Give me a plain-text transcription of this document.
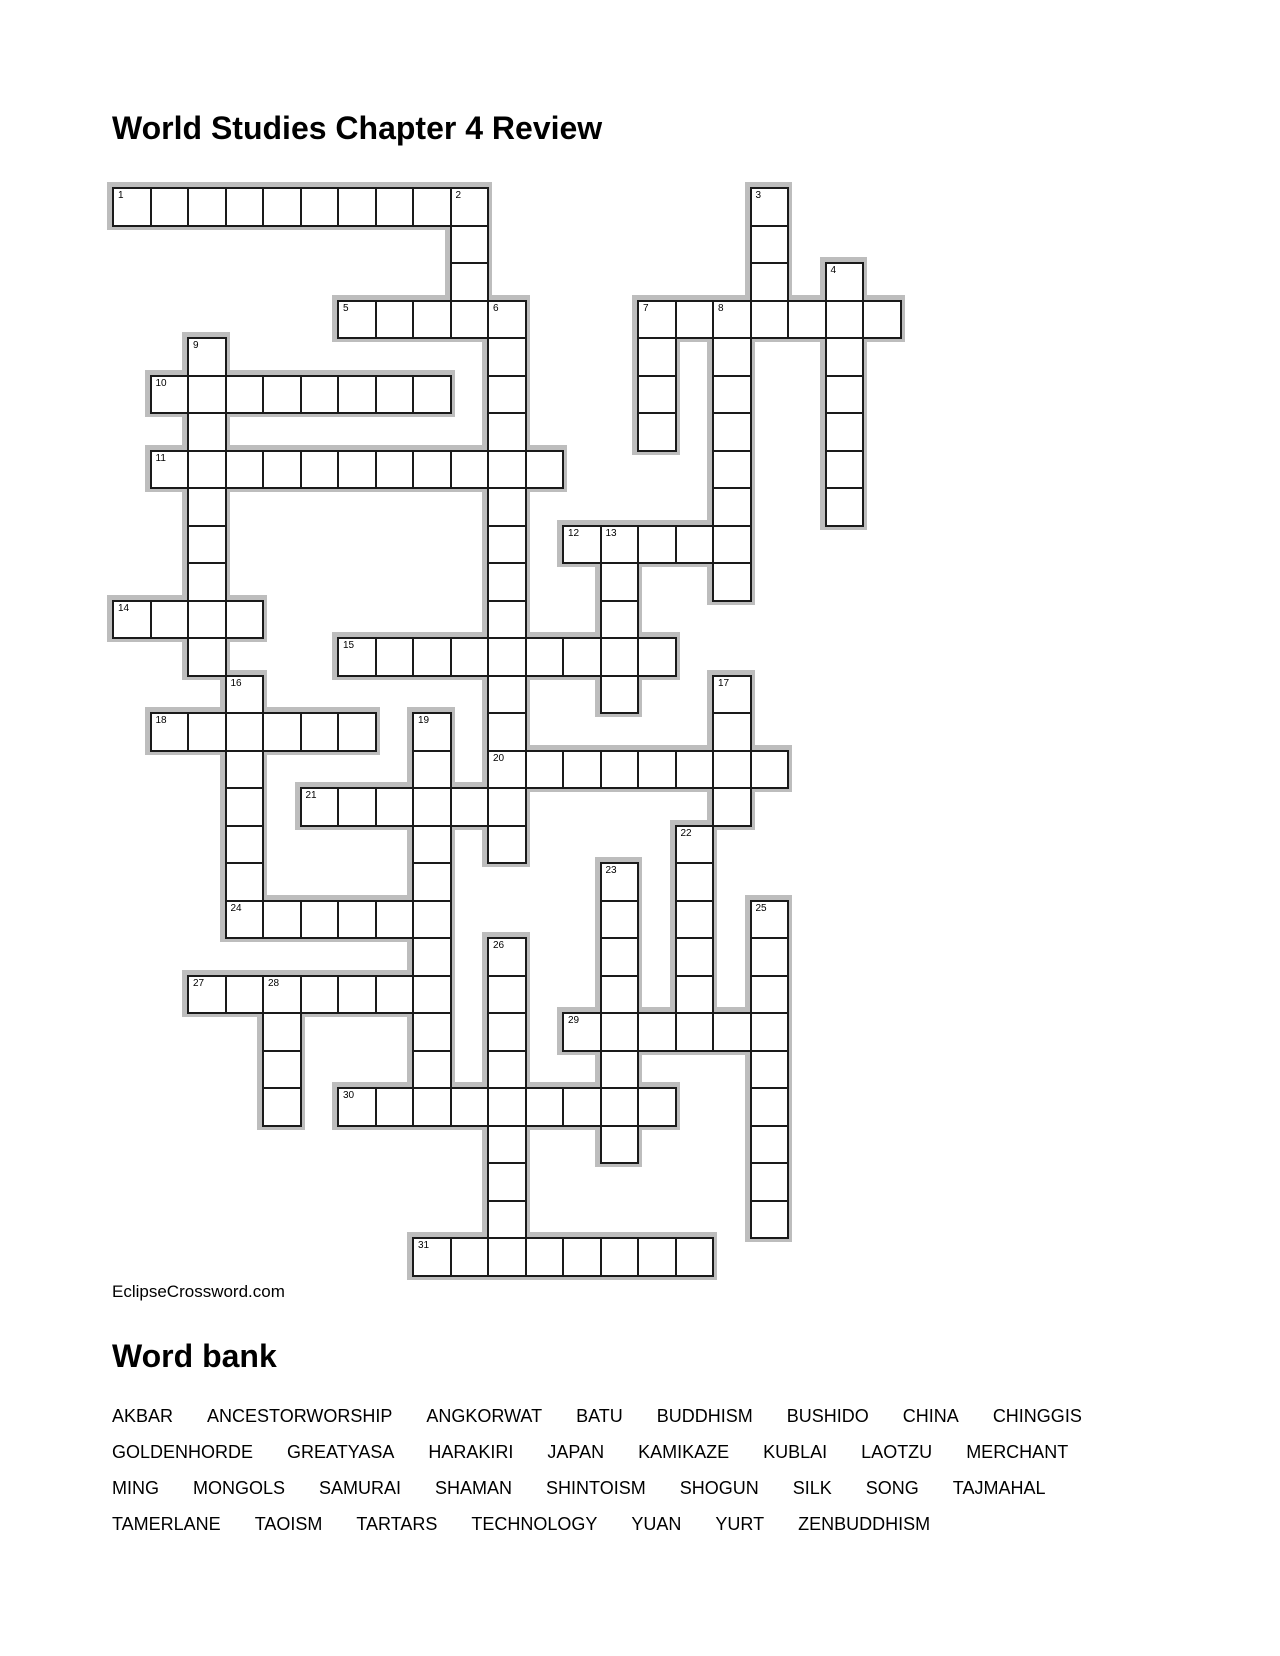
World Studies Chapter 4 Review
1	2	3
4
5	6
20
7	8
9
10
11
12	13
14
15
16
24
17
18	19
21
22
23
25
26
27	28
29
30
31
EclipseCrossword.com
Word bank
AKBAR ANCESTORWORSHIP ANGKORWAT BATU BUDDHISM BUSHIDO CHINA CHINGGIS
GOLDENHORDE GREATYASA HARAKIRI JAPAN KAMIKAZE KUBLAI LAOTZU MERCHANT
MING MONGOLS SAMURAI SHAMAN SHINTOISM SHOGUN SILK SONG TAJMAHAL
TAMERLANE TAOISM TARTARS TECHNOLOGY YUAN YURT ZENBUDDHISM
